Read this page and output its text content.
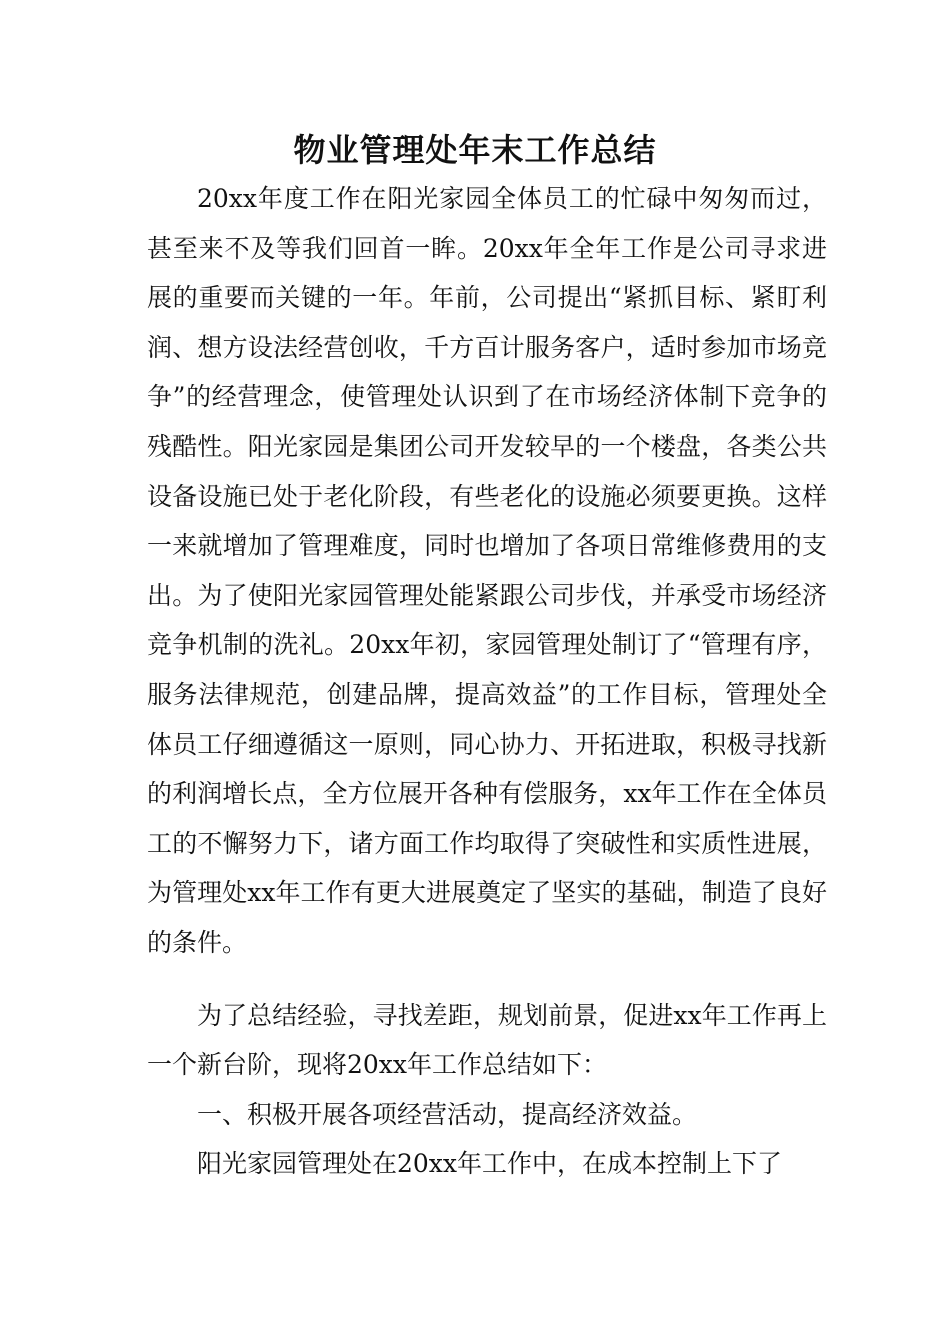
物业管理处年末工作总结

20xx年度工作在阳光家园全体员工的忙碌中匆匆而过，甚至来不及等我们回首一眸。20xx年全年工作是公司寻求进展的重要而关键的一年。年前，公司提出“紧抓目标、紧盯利润、想方设法经营创收，千方百计服务客户，适时参加市场竞争”的经营理念，使管理处认识到了在市场经济体制下竞争的残酷性。阳光家园是集团公司开发较早的一个楼盘，各类公共设备设施已处于老化阶段，有些老化的设施必须要更换。这样一来就增加了管理难度，同时也增加了各项日常维修费用的支出。为了使阳光家园管理处能紧跟公司步伐，并承受市场经济竞争机制的洗礼。20xx年初，家园管理处制订了“管理有序，服务法律规范，创建品牌，提高效益”的工作目标，管理处全体员工仔细遵循这一原则，同心协力、开拓进取，积极寻找新的利润增长点，全方位展开各种有偿服务，xx年工作在全体员工的不懈努力下，诸方面工作均取得了突破性和实质性进展，为管理处xx年工作有更大进展奠定了坚实的基础，制造了良好的条件。

为了总结经验，寻找差距，规划前景，促进xx年工作再上一个新台阶，现将20xx年工作总结如下：

一、积极开展各项经营活动，提高经济效益。

阳光家园管理处在20xx年工作中，在成本控制上下了
